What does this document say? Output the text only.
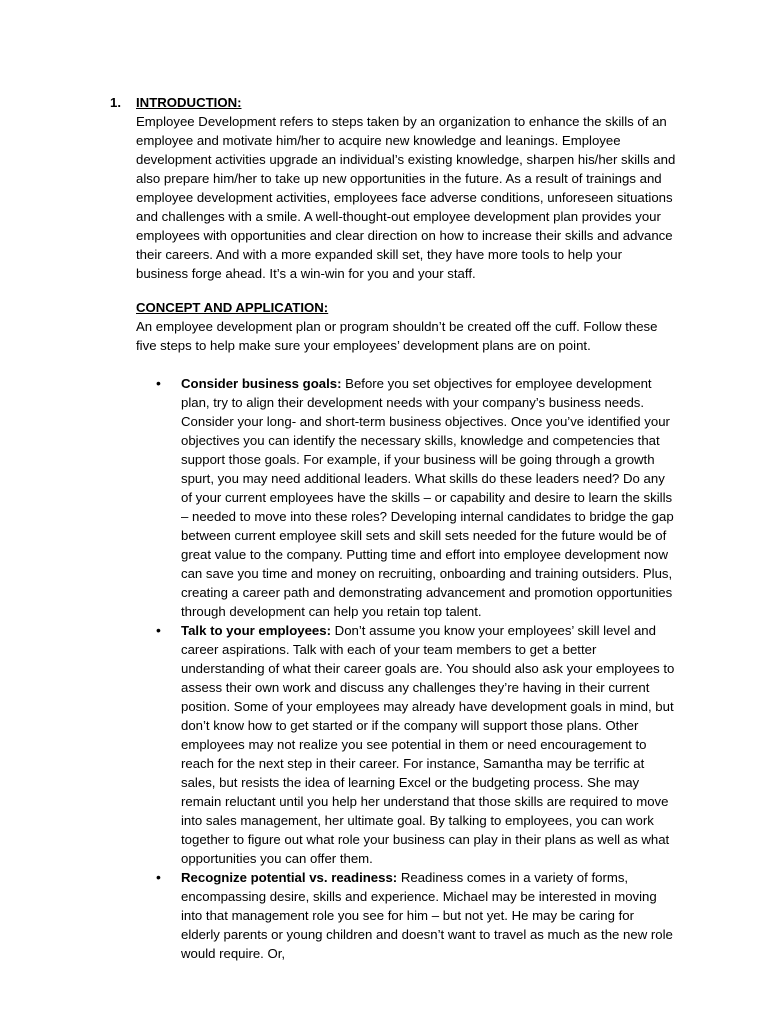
1. INTRODUCTION:

Employee Development refers to steps taken by an organization to enhance the skills of an employee and motivate him/her to acquire new knowledge and leanings. Employee development activities upgrade an individual’s existing knowledge, sharpen his/her skills and also prepare him/her to take up new opportunities in the future. As a result of trainings and employee development activities, employees face adverse conditions, unforeseen situations and challenges with a smile. A well-thought-out employee development plan provides your employees with opportunities and clear direction on how to increase their skills and advance their careers. And with a more expanded skill set, they have more tools to help your business forge ahead. It’s a win-win for you and your staff.

CONCEPT AND APPLICATION:

An employee development plan or program shouldn’t be created off the cuff. Follow these five steps to help make sure your employees’ development plans are on point.

• Consider business goals: Before you set objectives for employee development plan, try to align their development needs with your company’s business needs. Consider your long- and short-term business objectives. Once you’ve identified your objectives you can identify the necessary skills, knowledge and competencies that support those goals. For example, if your business will be going through a growth spurt, you may need additional leaders. What skills do these leaders need? Do any of your current employees have the skills – or capability and desire to learn the skills – needed to move into these roles? Developing internal candidates to bridge the gap between current employee skill sets and skill sets needed for the future would be of great value to the company. Putting time and effort into employee development now can save you time and money on recruiting, onboarding and training outsiders. Plus, creating a career path and demonstrating advancement and promotion opportunities through development can help you retain top talent.
• Talk to your employees: Don’t assume you know your employees’ skill level and career aspirations. Talk with each of your team members to get a better understanding of what their career goals are. You should also ask your employees to assess their own work and discuss any challenges they’re having in their current position. Some of your employees may already have development goals in mind, but don’t know how to get started or if the company will support those plans. Other employees may not realize you see potential in them or need encouragement to reach for the next step in their career. For instance, Samantha may be terrific at sales, but resists the idea of learning Excel or the budgeting process. She may remain reluctant until you help her understand that those skills are required to move into sales management, her ultimate goal. By talking to employees, you can work together to figure out what role your business can play in their plans as well as what opportunities you can offer them.
• Recognize potential vs. readiness: Readiness comes in a variety of forms, encompassing desire, skills and experience. Michael may be interested in moving into that management role you see for him – but not yet. He may be caring for elderly parents or young children and doesn’t want to travel as much as the new role would require. Or,
